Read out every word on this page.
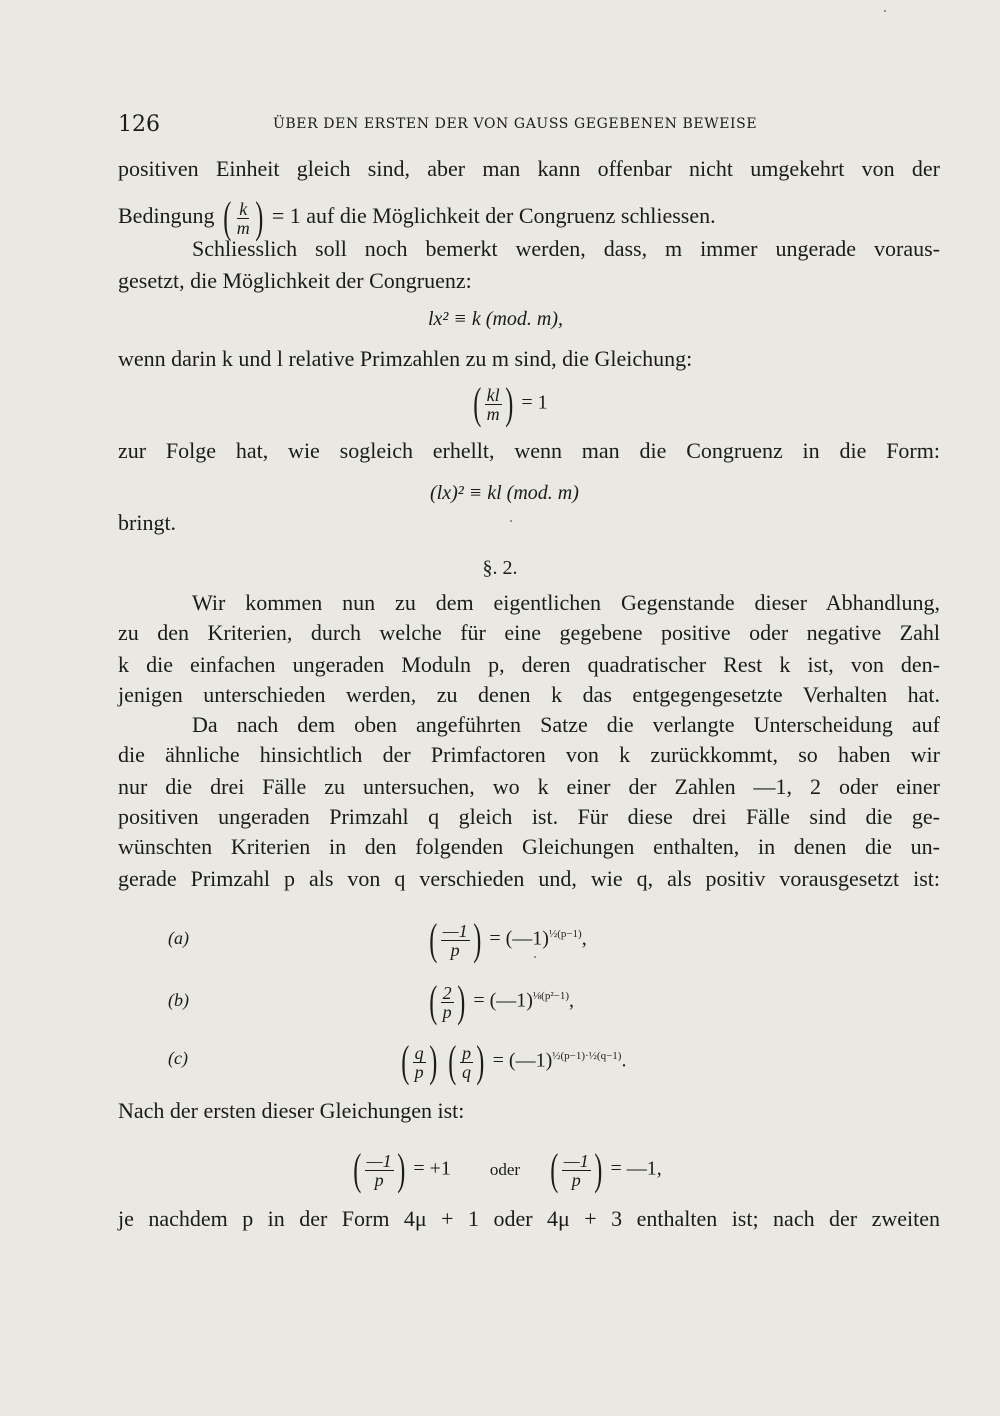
126	ÜBER DEN ERSTEN DER VON GAUSS GEGEBENEN BEWEISE
positiven Einheit gleich sind, aber man kann offenbar nicht umgekehrt von der
Bedingung ( $\frac{k}{m}$ ) = 1 auf die Möglichkeit der Congruenz schliessen.
Schliesslich soll noch bemerkt werden, dass, m immer ungerade voraus-
gesetzt, die Möglichkeit der Congruenz:
lx² ≡ k (mod. m),
wenn darin k und l relative Primzahlen zu m sind, die Gleichung:
( $\frac{kl}{m}$ ) = 1
zur Folge hat, wie sogleich erhellt, wenn man die Congruenz in die Form:
(lx)² ≡ kl (mod. m)
bringt.
§. 2.
Wir kommen nun zu dem eigentlichen Gegenstande dieser Abhandlung,
zu den Kriterien, durch welche für eine gegebene positive oder negative Zahl
k die einfachen ungeraden Moduln p, deren quadratischer Rest k ist, von den-
jenigen unterschieden werden, zu denen k das entgegengesetzte Verhalten hat.
Da nach dem oben angeführten Satze die verlangte Unterscheidung auf
die ähnliche hinsichtlich der Primfactoren von k zurückkommt, so haben wir
nur die drei Fälle zu untersuchen, wo k einer der Zahlen —1, 2 oder einer
positiven ungeraden Primzahl q gleich ist. Für diese drei Fälle sind die ge-
wünschten Kriterien in den folgenden Gleichungen enthalten, in denen die un-
gerade Primzahl p als von q verschieden und, wie q, als positiv vorausgesetzt ist:
(a)	( $\frac{—1}{p}$ ) = (—1)$^{\frac{1}{2}(p-1)}$,
(b)	( $\frac{2}{p}$ ) = (—1)$^{\frac{1}{8}(p^2-1)}$,
(c)	( $\frac{q}{p}$ )
( $\frac{p}{q}$ ) = (—1)$^{\frac{1}{2}(p-1)\cdot\frac{1}{2}(q-1)}$.
Nach der ersten dieser Gleichungen ist:
( $\frac{—1}{p}$ ) = +1 oder ( $\frac{—1}{p}$ ) = —1,
je nachdem p in der Form 4μ + 1 oder 4μ + 3 enthalten ist; nach der zweiten
